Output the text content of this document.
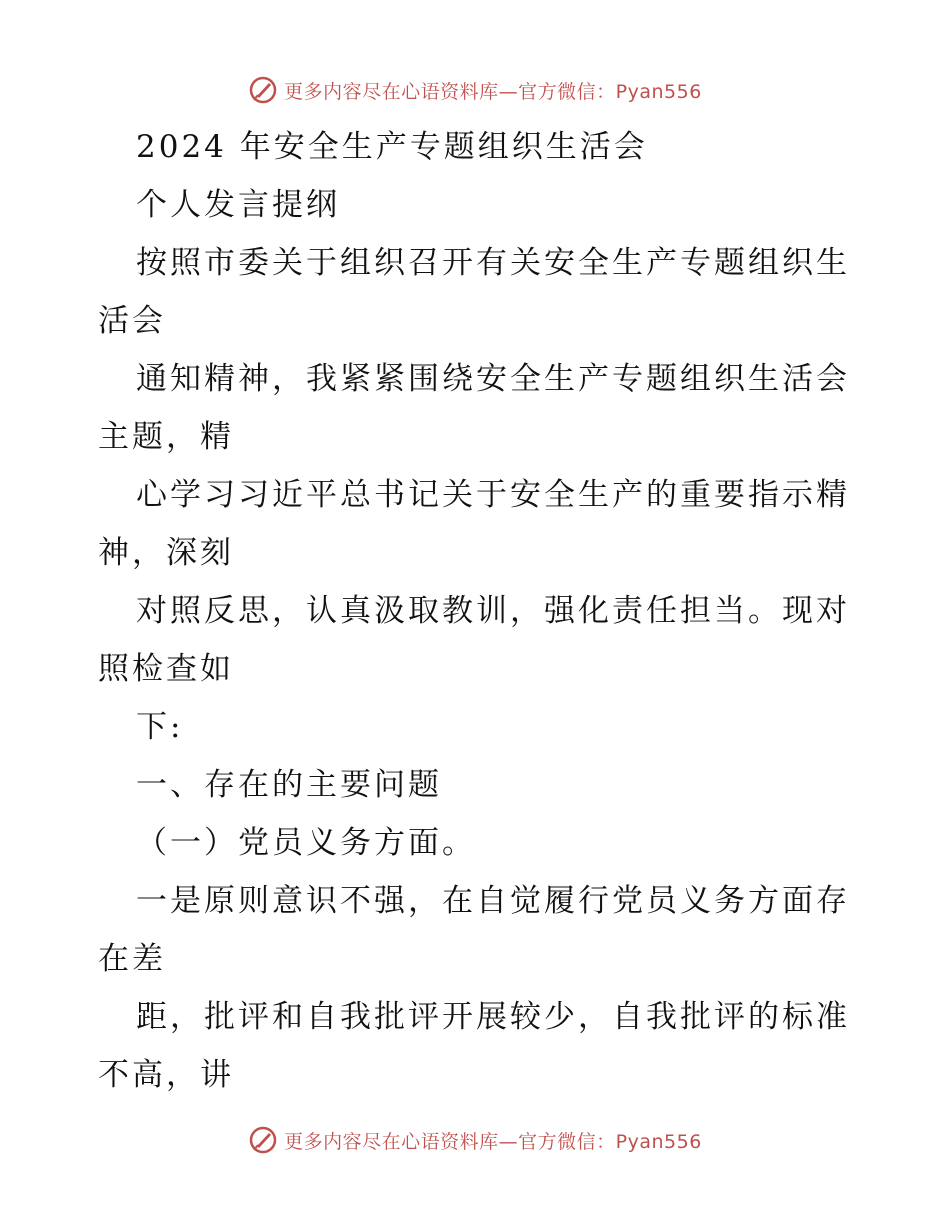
更多内容尽在心语资料库—官方微信：Pyan556

2024 年安全生产专题组织生活会

个人发言提纲

按照市委关于组织召开有关安全生产专题组织生

活会

通知精神，我紧紧围绕安全生产专题组织生活会

主题，精

心学习习近平总书记关于安全生产的重要指示精

神，深刻

对照反思，认真汲取教训，强化责任担当。现对

照检查如

下:

一、存在的主要问题

（一）党员义务方面。

一是原则意识不强，在自觉履行党员义务方面存

在差

距，批评和自我批评开展较少，自我批评的标准

不高，讲

更多内容尽在心语资料库—官方微信：Pyan556
